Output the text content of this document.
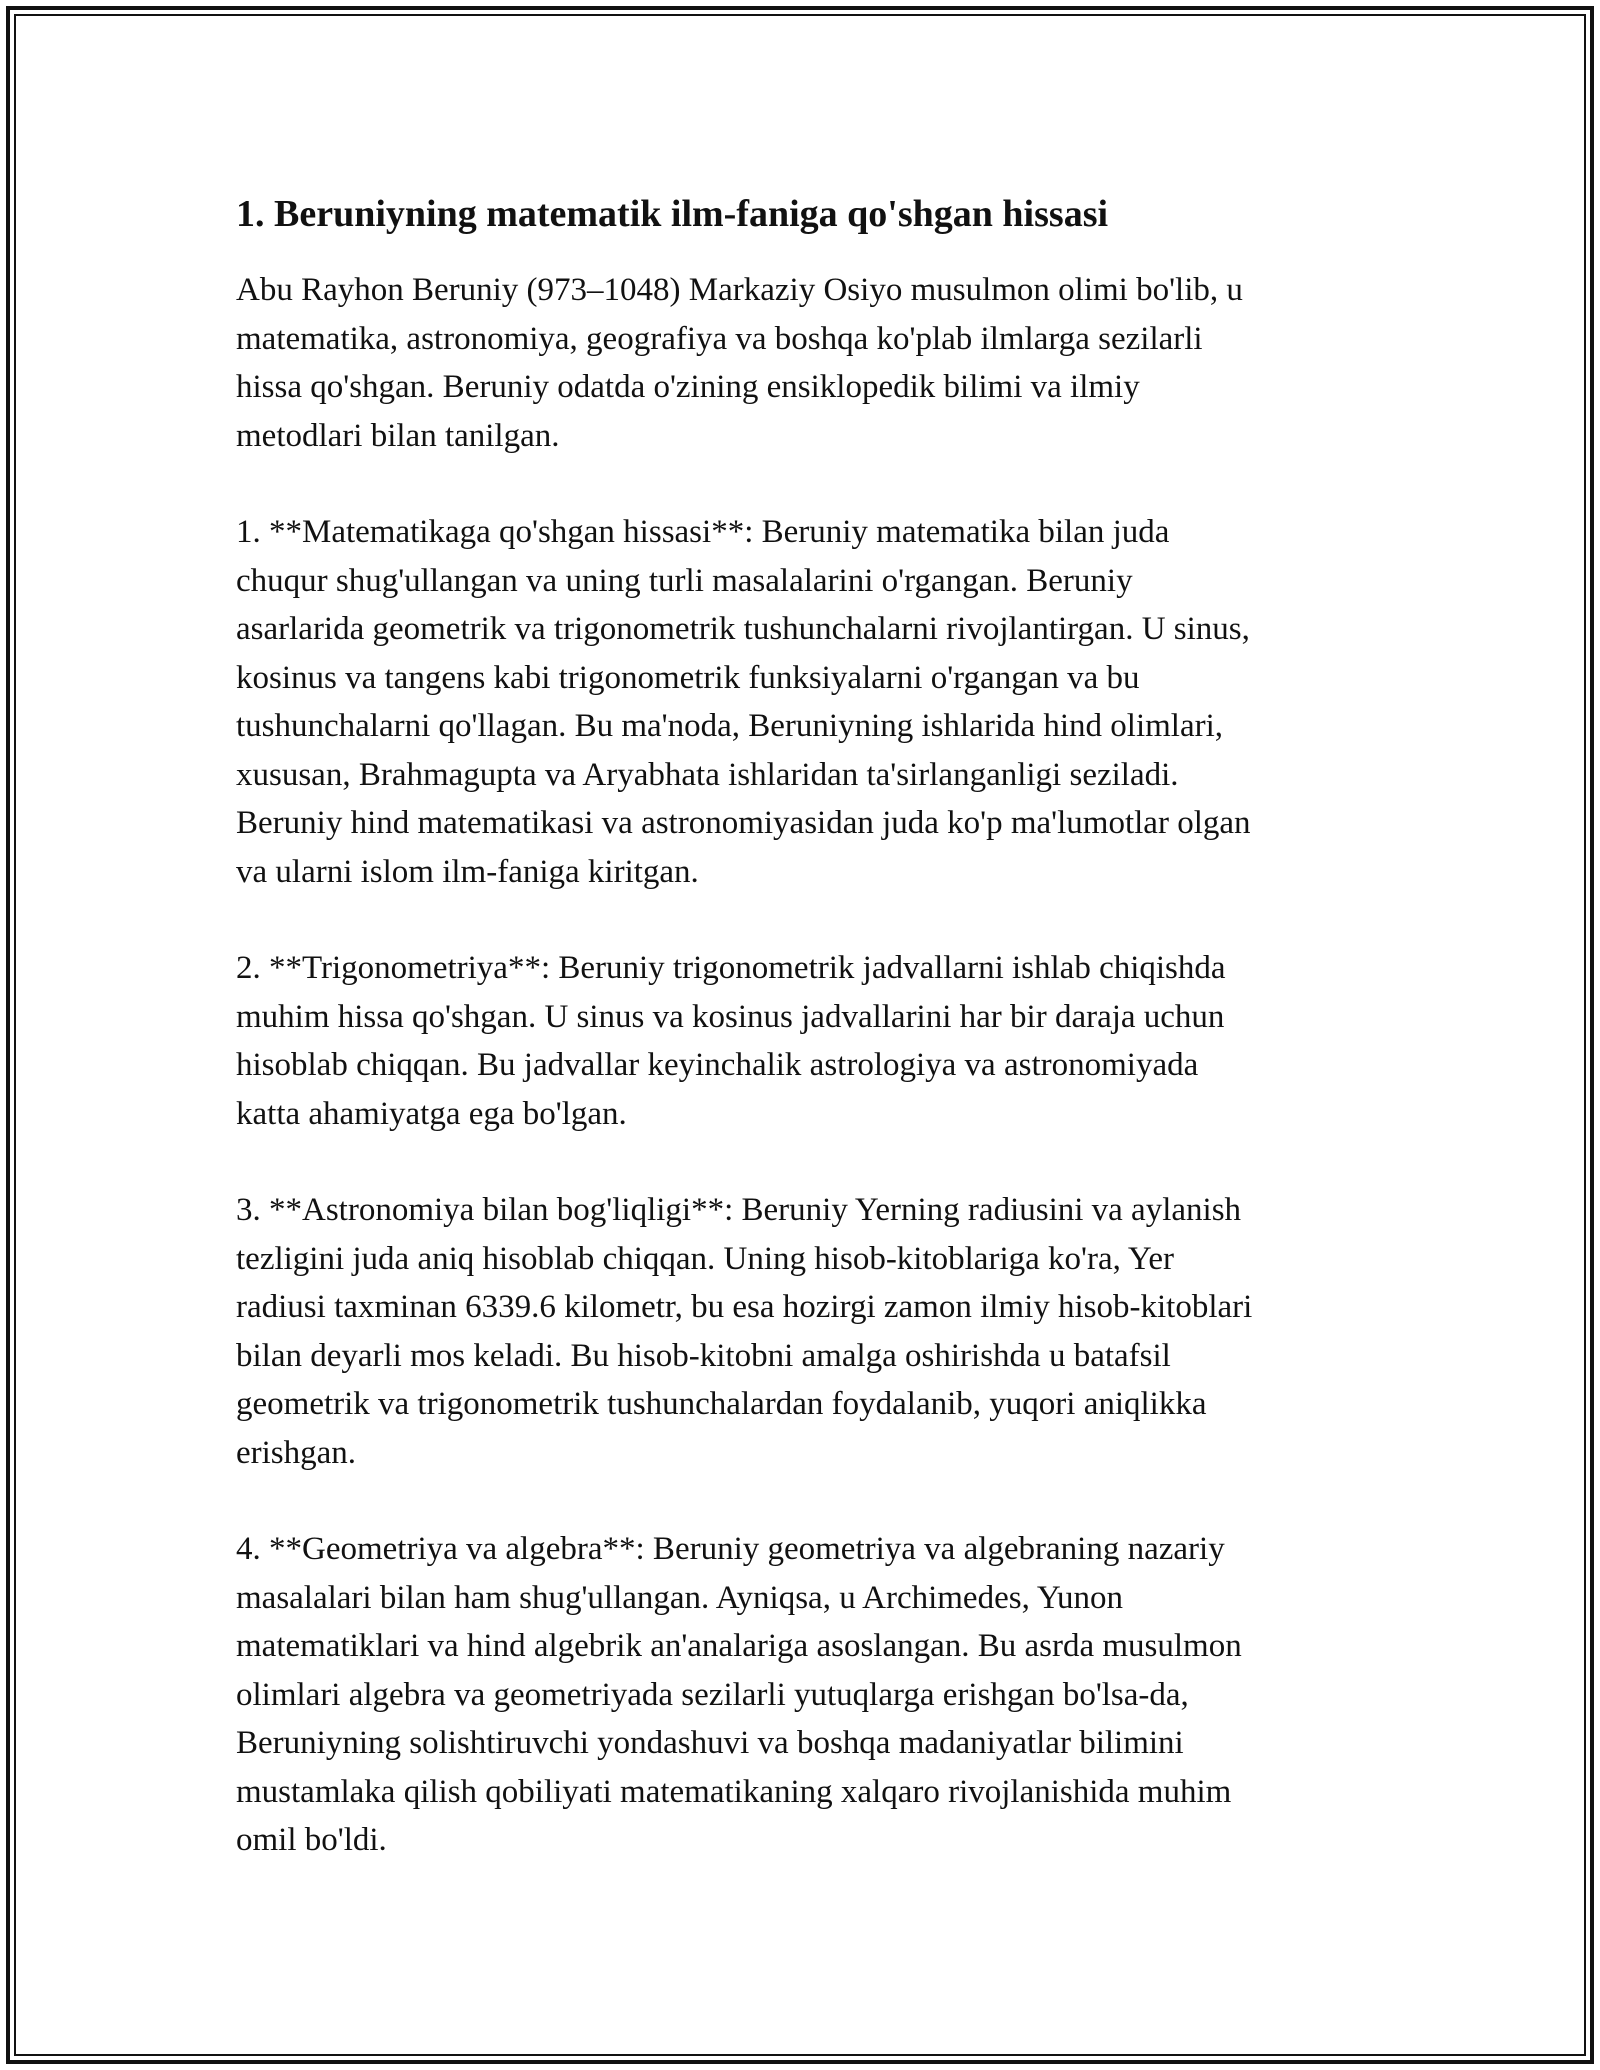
1. Beruniyning matematik ilm-faniga qo'shgan hissasi

Abu Rayhon Beruniy (973–1048) Markaziy Osiyo musulmon olimi bo'lib, u
matematika, astronomiya, geografiya va boshqa ko'plab ilmlarga sezilarli
hissa qo'shgan. Beruniy odatda o'zining ensiklopedik bilimi va ilmiy
metodlari bilan tanilgan.

1. **Matematikaga qo'shgan hissasi**: Beruniy matematika bilan juda
chuqur shug'ullangan va uning turli masalalarini o'rgangan. Beruniy
asarlarida geometrik va trigonometrik tushunchalarni rivojlantirgan. U sinus,
kosinus va tangens kabi trigonometrik funksiyalarni o'rgangan va bu
tushunchalarni qo'llagan. Bu ma'noda, Beruniyning ishlarida hind olimlari,
xususan, Brahmagupta va Aryabhata ishlaridan ta'sirlanganligi seziladi.
Beruniy hind matematikasi va astronomiyasidan juda ko'p ma'lumotlar olgan
va ularni islom ilm-faniga kiritgan.

2. **Trigonometriya**: Beruniy trigonometrik jadvallarni ishlab chiqishda
muhim hissa qo'shgan. U sinus va kosinus jadvallarini har bir daraja uchun
hisoblab chiqqan. Bu jadvallar keyinchalik astrologiya va astronomiyada
katta ahamiyatga ega bo'lgan.

3. **Astronomiya bilan bog'liqligi**: Beruniy Yerning radiusini va aylanish
tezligini juda aniq hisoblab chiqqan. Uning hisob-kitoblariga ko'ra, Yer
radiusi taxminan 6339.6 kilometr, bu esa hozirgi zamon ilmiy hisob-kitoblari
bilan deyarli mos keladi. Bu hisob-kitobni amalga oshirishda u batafsil
geometrik va trigonometrik tushunchalardan foydalanib, yuqori aniqlikka
erishgan.

4. **Geometriya va algebra**: Beruniy geometriya va algebraning nazariy
masalalari bilan ham shug'ullangan. Ayniqsa, u Archimedes, Yunon
matematiklari va hind algebrik an'analariga asoslangan. Bu asrda musulmon
olimlari algebra va geometriyada sezilarli yutuqlarga erishgan bo'lsa-da,
Beruniyning solishtiruvchi yondashuvi va boshqa madaniyatlar bilimini
mustamlaka qilish qobiliyati matematikaning xalqaro rivojlanishida muhim
omil bo'ldi.
